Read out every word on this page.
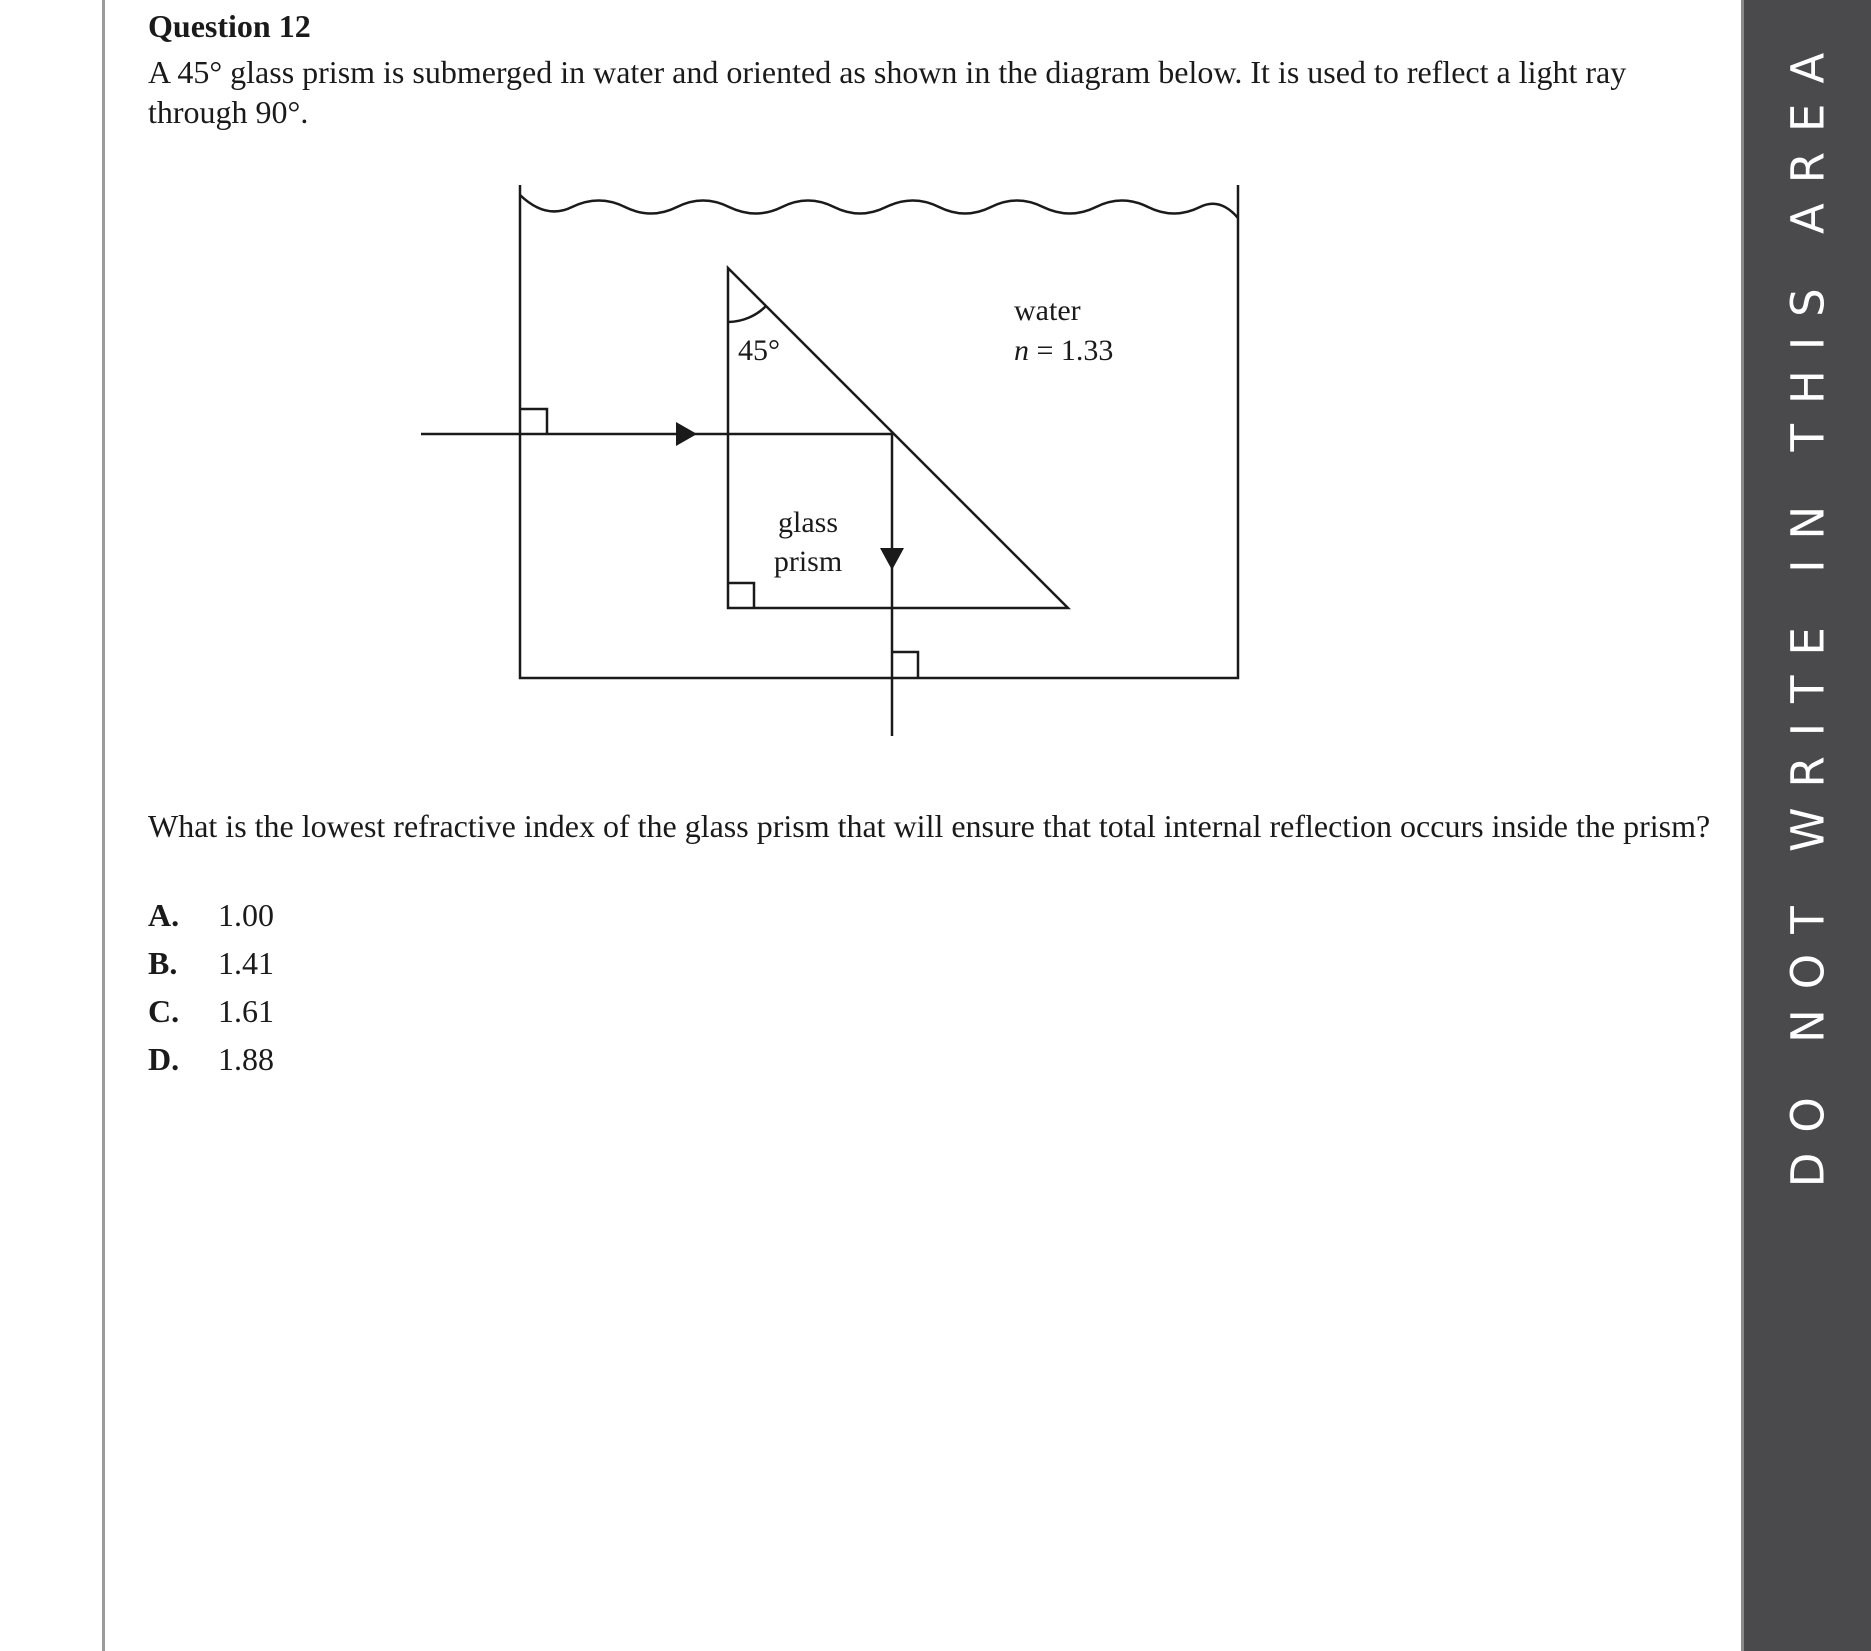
Question 12
A 45° glass prism is submerged in water and oriented as shown in the diagram below. It is used to reflect a light ray through 90°.
45°
water
n = 1.33
glass
prism
What is the lowest refractive index of the glass prism that will ensure that total internal reflection occurs inside the prism?
A.	1.00
B.	1.41
C.	1.61
D.	1.88	DO NOT WRITE IN THIS AREA
